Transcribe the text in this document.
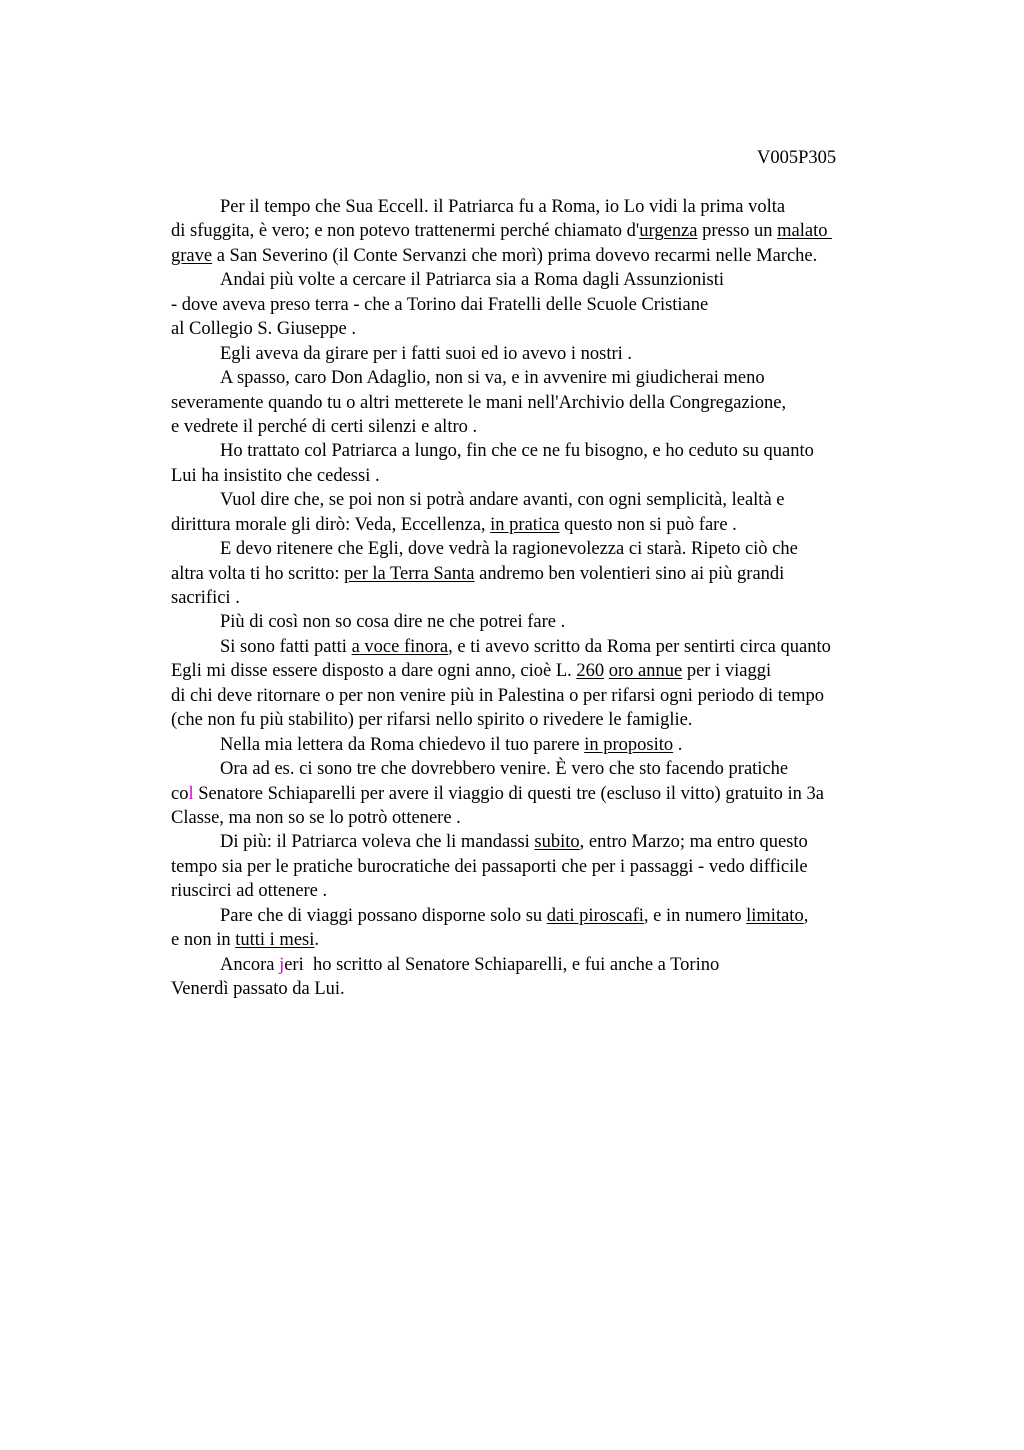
V005P305
Per il tempo che Sua Eccell. il Patriarca fu a Roma, io Lo vidi la prima volta
di sfuggita, è vero; e non potevo trattenermi perché chiamato d'urgenza presso un malato
grave a San Severino (il Conte Servanzi che morì) prima dovevo recarmi nelle Marche.
Andai più volte a cercare il Patriarca sia a Roma dagli Assunzionisti
- dove aveva preso terra - che a Torino dai Fratelli delle Scuole Cristiane
al Collegio S. Giuseppe .
Egli aveva da girare per i fatti suoi ed io avevo i nostri .
A spasso, caro Don Adaglio, non si va, e in avvenire mi giudicherai meno
severamente quando tu o altri metterete le mani nell'Archivio della Congregazione,
e vedrete il perché di certi silenzi e altro .
Ho trattato col Patriarca a lungo, fin che ce ne fu bisogno, e ho ceduto su quanto
Lui ha insistito che cedessi .
Vuol dire che, se poi non si potrà andare avanti, con ogni semplicità, lealtà e
dirittura morale gli dirò: Veda, Eccellenza, in pratica questo non si può fare .
E devo ritenere che Egli, dove vedrà la ragionevolezza ci starà. Ripeto ciò che
altra volta ti ho scritto: per la Terra Santa andremo ben volentieri sino ai più grandi
sacrifici .
Più di così non so cosa dire ne che potrei fare .
Si sono fatti patti a voce finora, e ti avevo scritto da Roma per sentirti circa quanto
Egli mi disse essere disposto a dare ogni anno, cioè L. 260 oro annue per i viaggi
di chi deve ritornare o per non venire più in Palestina o per rifarsi ogni periodo di tempo
(che non fu più stabilito) per rifarsi nello spirito o rivedere le famiglie.
Nella mia lettera da Roma chiedevo il tuo parere in proposito .
Ora ad es. ci sono tre che dovrebbero venire. È vero che sto facendo pratiche
col Senatore Schiaparelli per avere il viaggio di questi tre (escluso il vitto) gratuito in 3a
Classe, ma non so se lo potrò ottenere .
Di più: il Patriarca voleva che li mandassi subito, entro Marzo; ma entro questo
tempo sia per le pratiche burocratiche dei passaporti che per i passaggi - vedo difficile
riuscirci ad ottenere .
Pare che di viaggi possano disporne solo su dati piroscafi, e in numero limitato,
e non in tutti i mesi.
Ancora jeri  ho scritto al Senatore Schiaparelli, e fui anche a Torino
Venerdì passato da Lui.
